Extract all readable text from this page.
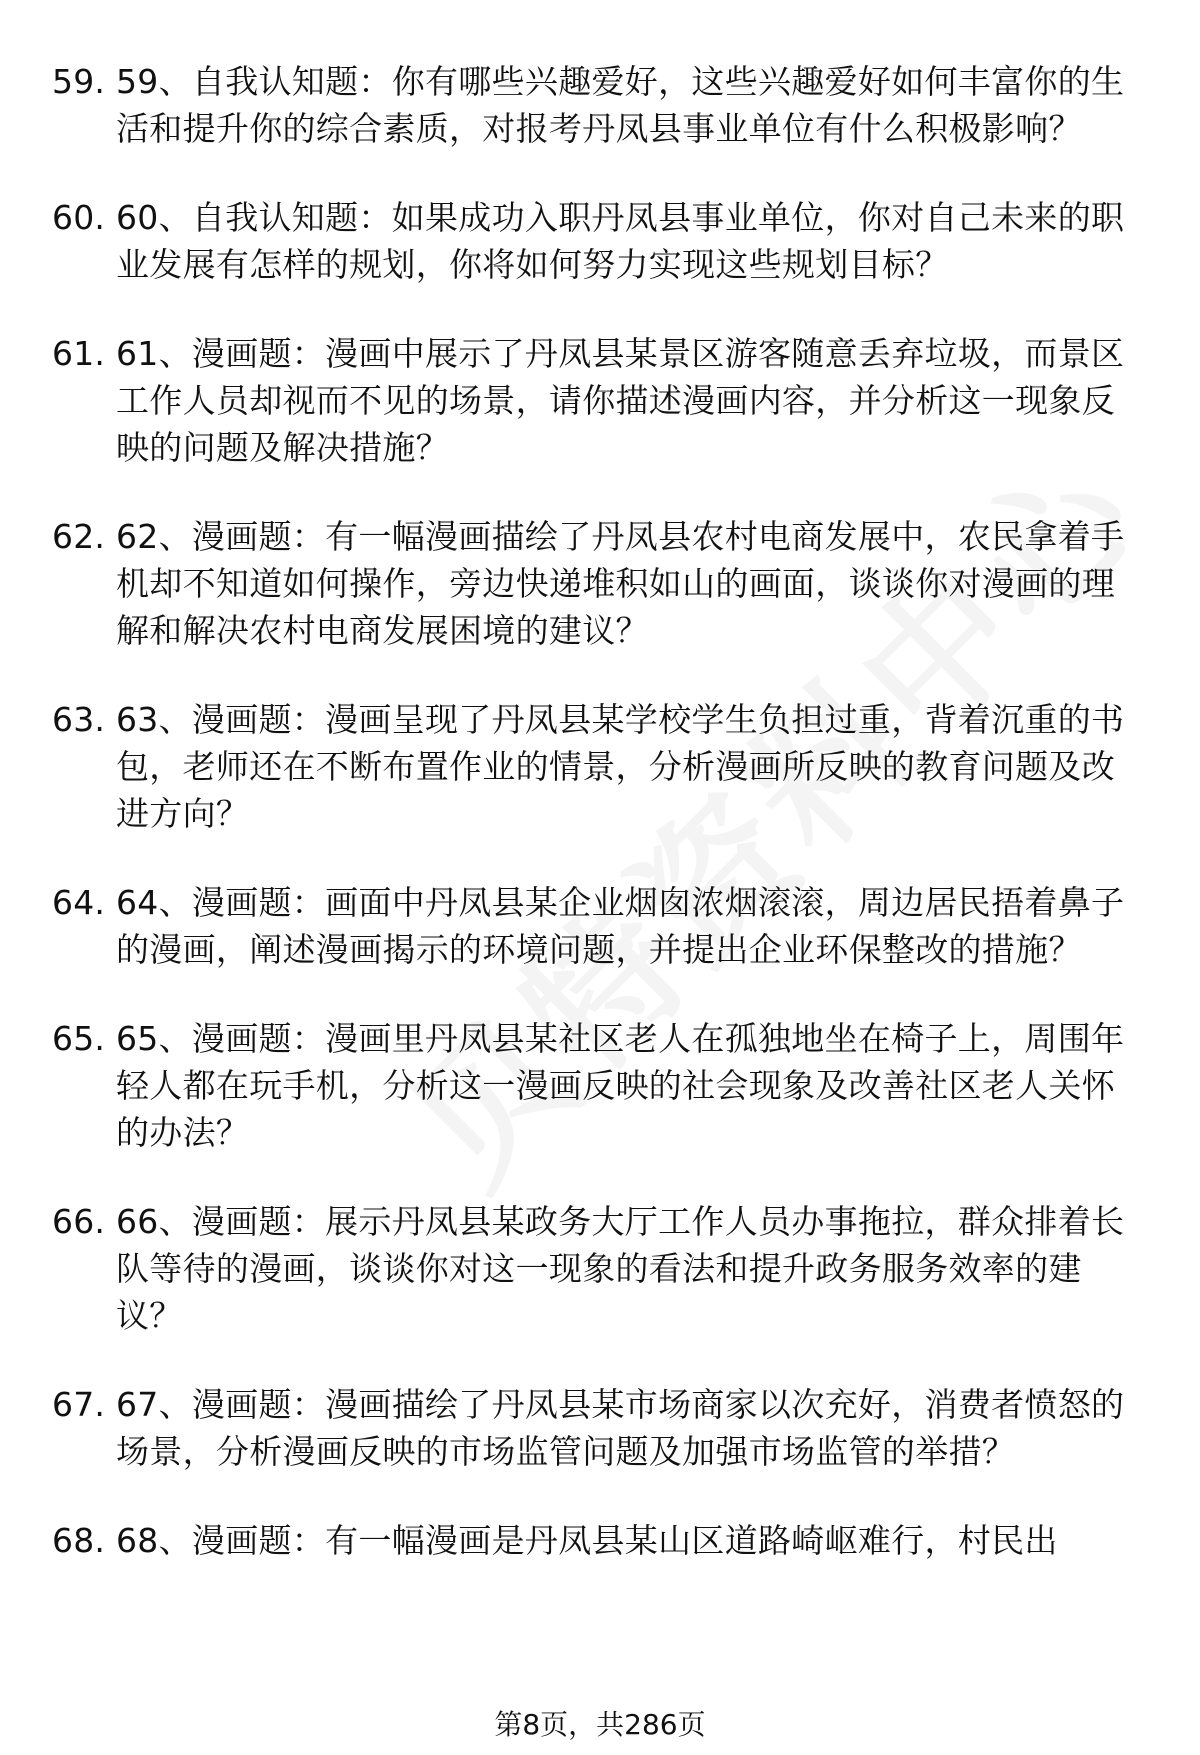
59. 59、自我认知题：你有哪些兴趣爱好，这些兴趣爱好如何丰富你的生活和提升你的综合素质，对报考丹凤县事业单位有什么积极影响？
60. 60、自我认知题：如果成功入职丹凤县事业单位，你对自己未来的职业发展有怎样的规划，你将如何努力实现这些规划目标？
61. 61、漫画题：漫画中展示了丹凤县某景区游客随意丢弃垃圾，而景区工作人员却视而不见的场景，请你描述漫画内容，并分析这一现象反映的问题及解决措施？
62. 62、漫画题：有一幅漫画描绘了丹凤县农村电商发展中，农民拿着手机却不知道如何操作，旁边快递堆积如山的画面，谈谈你对漫画的理解和解决农村电商发展困境的建议？
63. 63、漫画题：漫画呈现了丹凤县某学校学生负担过重，背着沉重的书包，老师还在不断布置作业的情景，分析漫画所反映的教育问题及改进方向？
64. 64、漫画题：画面中丹凤县某企业烟囱浓烟滚滚，周边居民捂着鼻子的漫画，阐述漫画揭示的环境问题，并提出企业环保整改的措施？
65. 65、漫画题：漫画里丹凤县某社区老人在孤独地坐在椅子上，周围年轻人都在玩手机，分析这一漫画反映的社会现象及改善社区老人关怀的办法？
66. 66、漫画题：展示丹凤县某政务大厅工作人员办事拖拉，群众排着长队等待的漫画，谈谈你对这一现象的看法和提升政务服务效率的建议？
67. 67、漫画题：漫画描绘了丹凤县某市场商家以次充好，消费者愤怒的场景，分析漫画反映的市场监管问题及加强市场监管的举措？
68. 68、漫画题：有一幅漫画是丹凤县某山区道路崎岖难行，村民出
第8页，共286页
